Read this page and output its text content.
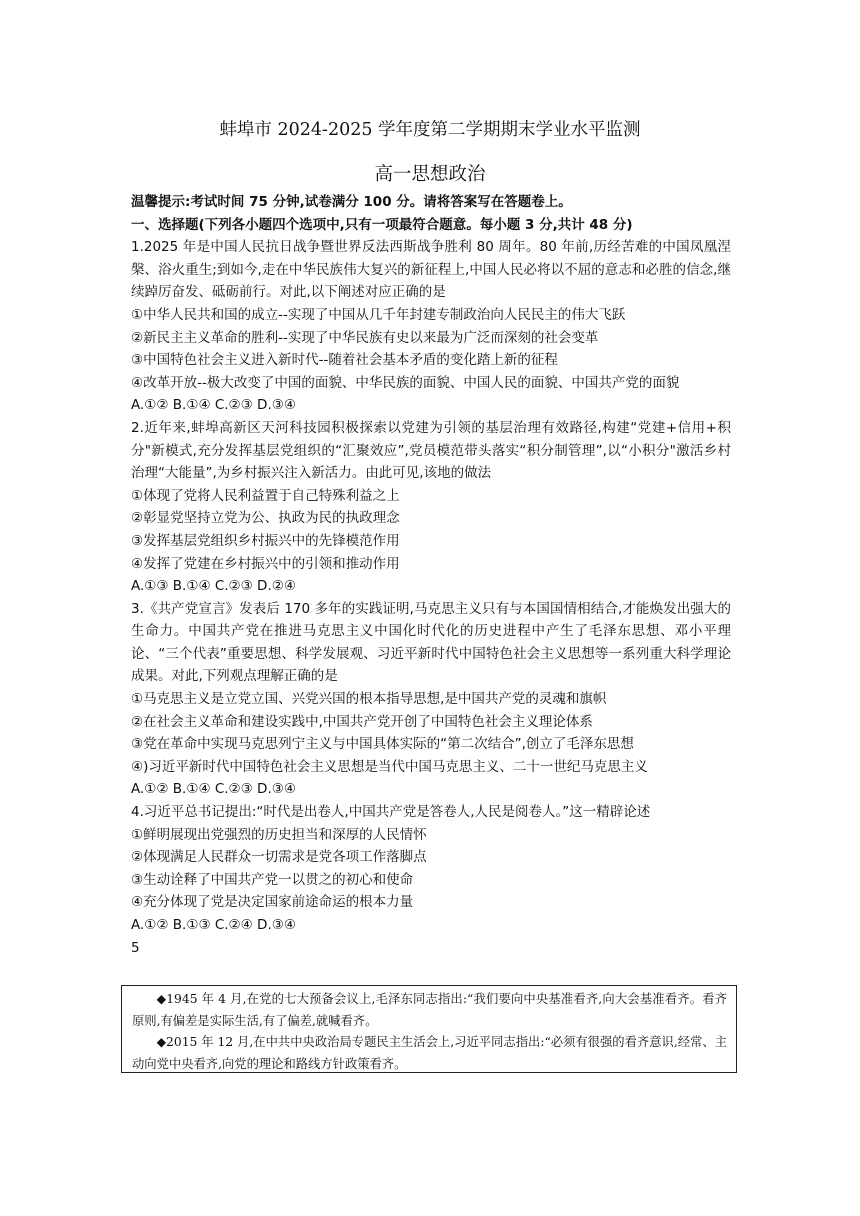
蚌埠市 2024-2025 学年度第二学期期末学业水平监测
高一思想政治

温馨提示:考试时间 75 分钟,试卷满分 100 分。请将答案写在答题卷上。

一、选择题(下列各小题四个选项中,只有一项最符合题意。每小题 3 分,共计 48 分)

1.2025 年是中国人民抗日战争暨世界反法西斯战争胜利 80 周年。80 年前,历经苦难的中国凤凰涅槃、浴火重生;到如今,走在中华民族伟大复兴的新征程上,中国人民必将以不屈的意志和必胜的信念,继续踔厉奋发、砥砺前行。对此,以下阐述对应正确的是

①中华人民共和国的成立--实现了中国从几千年封建专制政治向人民民主的伟大飞跃

②新民主主义革命的胜利--实现了中华民族有史以来最为广泛而深刻的社会变革

③中国特色社会主义进入新时代--随着社会基本矛盾的变化踏上新的征程

④改革开放--极大改变了中国的面貌、中华民族的面貌、中国人民的面貌、中国共产党的面貌

A.①② B.①④ C.②③ D.③④

2.近年来,蚌埠高新区天河科技园积极探索以党建为引领的基层治理有效路径,构建“党建+信用+积分"新模式,充分发挥基层党组织的“汇聚效应”,党员模范带头落实“积分制管理”,以“小积分"激活乡村治理“大能量”,为乡村振兴注入新活力。由此可见,该地的做法

①体现了党将人民利益置于自己特殊利益之上

②彰显党坚持立党为公、执政为民的执政理念

③发挥基层党组织乡村振兴中的先锋模范作用

④发挥了党建在乡村振兴中的引领和推动作用

A.①③ B.①④ C.②③ D.②④

3.《共产党宣言》发表后 170 多年的实践证明,马克思主义只有与本国国情相结合,才能焕发出强大的生命力。中国共产党在推进马克思主义中国化时代化的历史进程中产生了毛泽东思想、邓小平理论、“三个代表”重要思想、科学发展观、习近平新时代中国特色社会主义思想等一系列重大科学理论成果。对此,下列观点理解正确的是

①马克思主义是立党立国、兴党兴国的根本指导思想,是中国共产党的灵魂和旗帜

②在社会主义革命和建设实践中,中国共产党开创了中国特色社会主义理论体系

③党在革命中实现马克思列宁主义与中国具体实际的“第二次结合”,创立了毛泽东思想

④)习近平新时代中国特色社会主义思想是当代中国马克思主义、二十一世纪马克思主义

A.①② B.①④ C.②③ D.③④

4.习近平总书记提出:“时代是出卷人,中国共产党是答卷人,人民是阅卷人。”这一精辟论述

①鲜明展现出党强烈的历史担当和深厚的人民情怀

②体现满足人民群众一切需求是党各项工作落脚点

③生动诠释了中国共产党一以贯之的初心和使命

④充分体现了党是决定国家前途命运的根本力量

A.①② B.①③ C.②④ D.③④

5

◆1945 年 4 月,在党的七大预备会议上,毛泽东同志指出:“我们要向中央基准看齐,向大会基准看齐。看齐原则,有偏差是实际生活,有了偏差,就喊看齐。

◆2015 年 12 月,在中共中央政治局专题民主生活会上,习近平同志指出:“必须有很强的看齐意识,经常、主动向党中央看齐,向党的理论和路线方针政策看齐。
